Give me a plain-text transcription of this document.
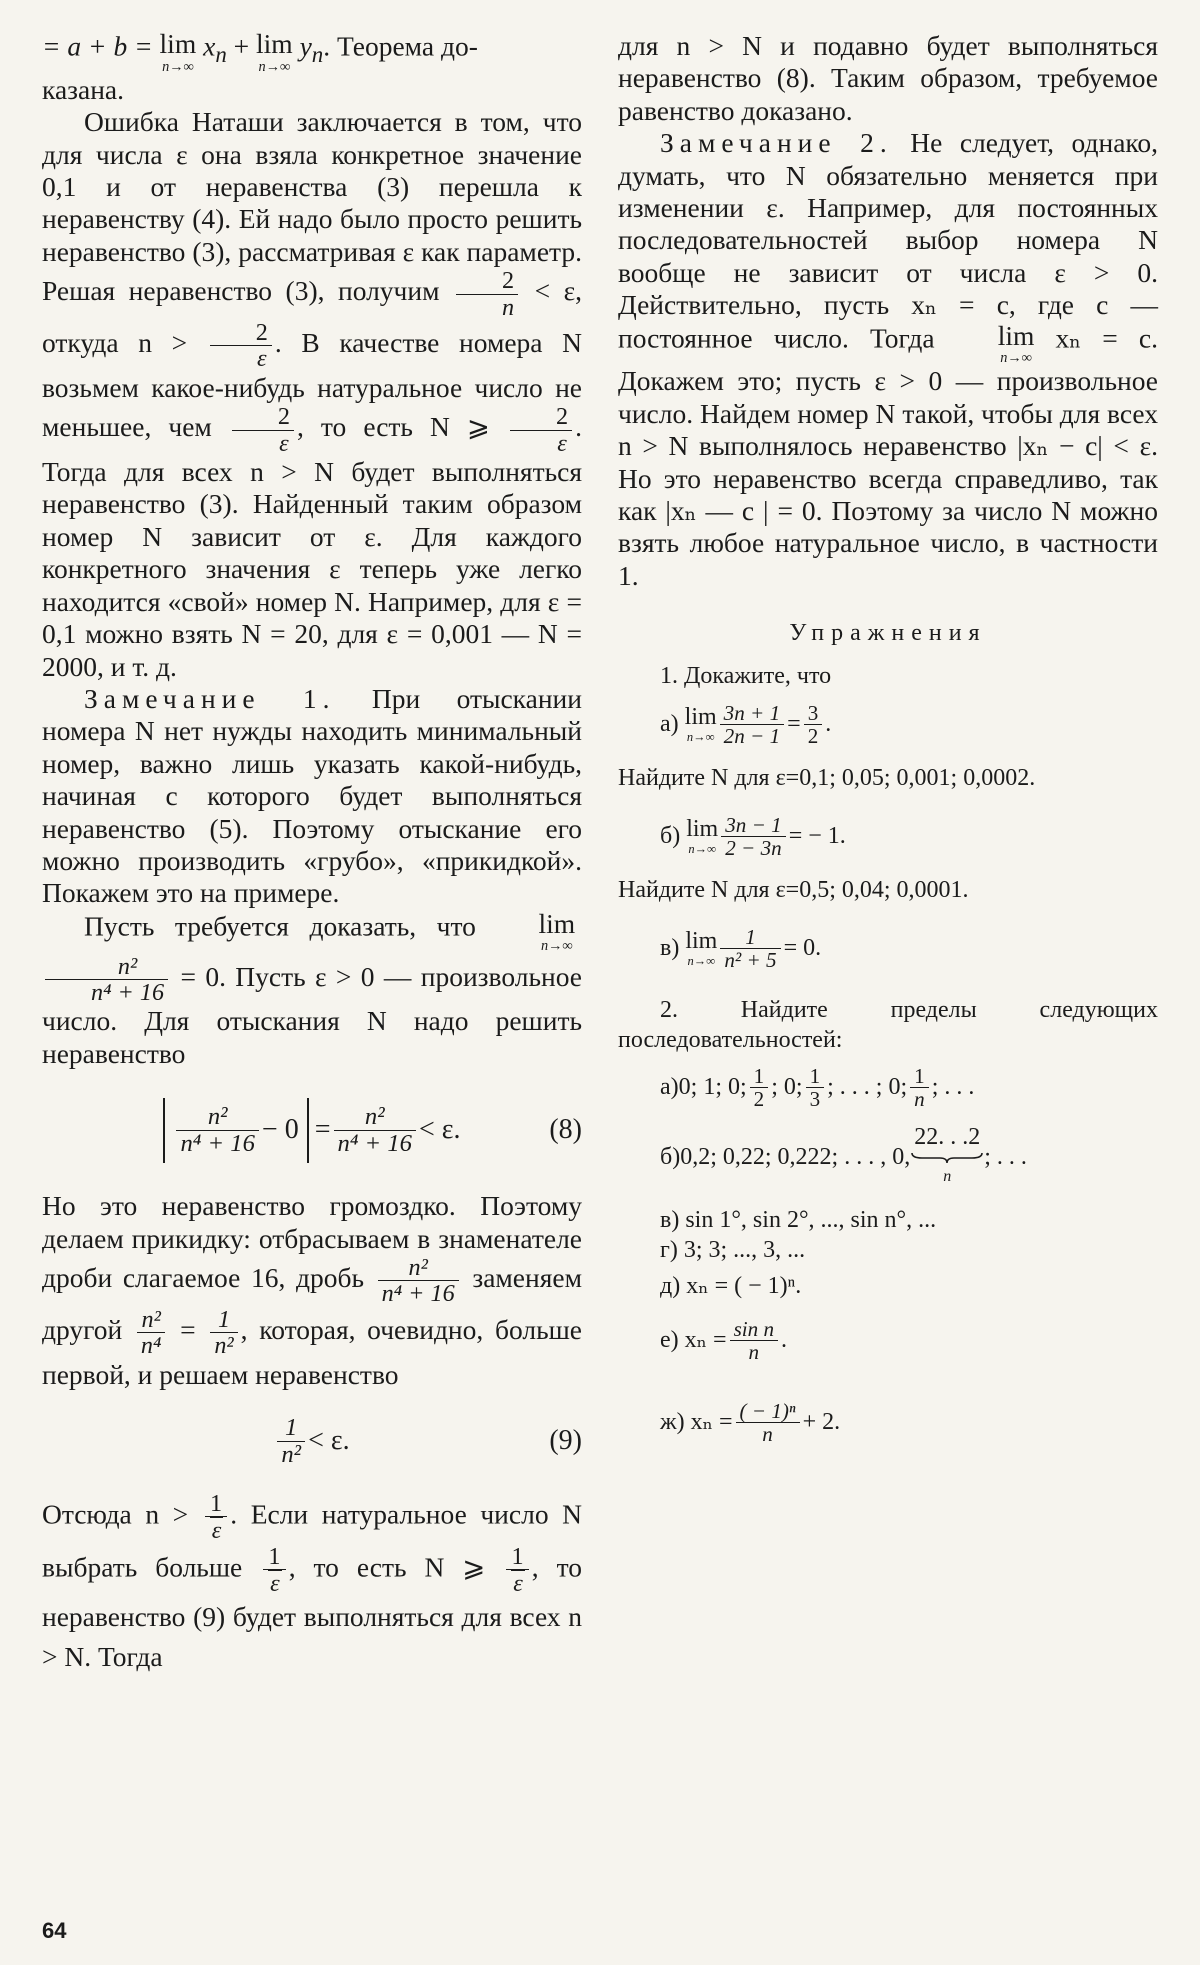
= a + b = lim
n→∞
$x_n + \lim$
n→∞
$y_n$. Теорема до-
казана.

Ошибка Наташи заключается в том, что для числа ε она взяла конкретное значение 0,1 и от неравенства (3) перешла к неравенству (4). Ей надо было просто решить неравенство (3), рассматривая ε как параметр. Решая неравенство (3), получим $\frac{2}{n} < \varepsilon$, откуда $n > \frac{2}{\varepsilon}$ . В качестве номера N возьмем какое-нибудь натуральное число не меньшее, чем $\frac{2}{\varepsilon}$ , то есть N ⩾ $\frac{2}{\varepsilon}$ . Тогда для всех n > N будет выполняться неравенство (3). Найденный таким образом номер N зависит от ε. Для каждого конкретного значения ε теперь уже легко находится «свой» номер N. Например, для ε = 0,1 можно взять N = 20, для ε = 0,001 — N = 2000, и т. д.

Замечание 1. При отыскании номера N нет нужды находить минимальный номер, важно лишь указать какой-нибудь, начиная с которого будет выполняться неравенство (5). Поэтому отыскание его можно производить «грубо», «прикидкой». Покажем это на примере.

Пусть требуется доказать, что lim
n→∞

$\frac{\text{n²}}{\text{n⁴ + 16}} = 0$. Пусть ε > 0 — произвольное число. Для отыскания N надо решить неравенство

$\frac{\text{n²}}{\text{n⁴ + 16}} - 0 = \frac{\text{n²}}{\text{n⁴ + 16}} < \varepsilon$.	(8)

Но это неравенство громоздко. Поэтому делаем прикидку: отбрасываем в знаменателе дроби слагаемое 16, дробь $\frac{\text{n²}}{\text{n⁴ + 16}}$ заменяем другой $\frac{\text{n²}}{\text{n⁴}} = \frac{1}{\text{n²}}$ , которая, очевидно, больше первой, и решаем неравенство

$\frac{1}{\text{n²}} < \varepsilon$.	(9)

Отсюда $n > \frac{1}{\varepsilon}$ . Если натуральное число N выбрать больше $\frac{1}{\varepsilon}$ , то есть N ⩾ $\frac{1}{\varepsilon}$ , то неравенство (9) будет выполняться для всех n > N. Тогда

для n > N и подавно будет выполняться неравенство (8). Таким образом, требуемое равенство доказано.

Замечание 2. Не следует, однако, думать, что N обязательно меняется при изменении ε. Например, для постоянных последовательностей выбор номера N вообще не зависит от числа ε > 0. Действительно, пусть xₙ = c, где c — постоянное число. Тогда lim
n→∞
xₙ = c. Докажем это; пусть ε > 0 — произвольное число. Найдем номер N такой, чтобы для всех n > N выполнялось неравенство |xₙ − c| < ε. Но это неравенство всегда справедливо, так как |xₙ — c | = 0. Поэтому за число N можно взять любое натуральное число, в частности 1.

Упражнения

1. Докажите, что

а) lim
$n\to\infty \frac{3n + 1}{2n - 1} = \frac{3}{2}$ .

Найдите N для ε=0,1; 0,05; 0,001; 0,0002.

б) lim
$n\to\infty \frac{3n - 1}{2 - 3n}$ = − 1.

Найдите N для ε=0,5; 0,04; 0,0001.

в) lim
$n\to\infty \frac{1}{\text{n² + 5}} = 0$.

2. Найдите пределы следующих последовательностей:

а) 0; 1; 0; $\frac{1}{2}$ ; 0; $\frac{1}{3}$ ; . . . ; 0; $\frac{1}{n}$ ; . . .
б) 0,2; 0,22; 0,222; . . . , 0,
22. . .2
n
; . . .

в) sin 1°, sin 2°, ..., sin n°, ...

г) 3; 3; ..., 3, ...

д) xₙ = ( − 1)ⁿ.

е) $x_n = \frac{\text{sin n}}{n}$ .
ж) $x_n = \frac{\text{( − 1)ⁿ}}{n} + 2$.
64
